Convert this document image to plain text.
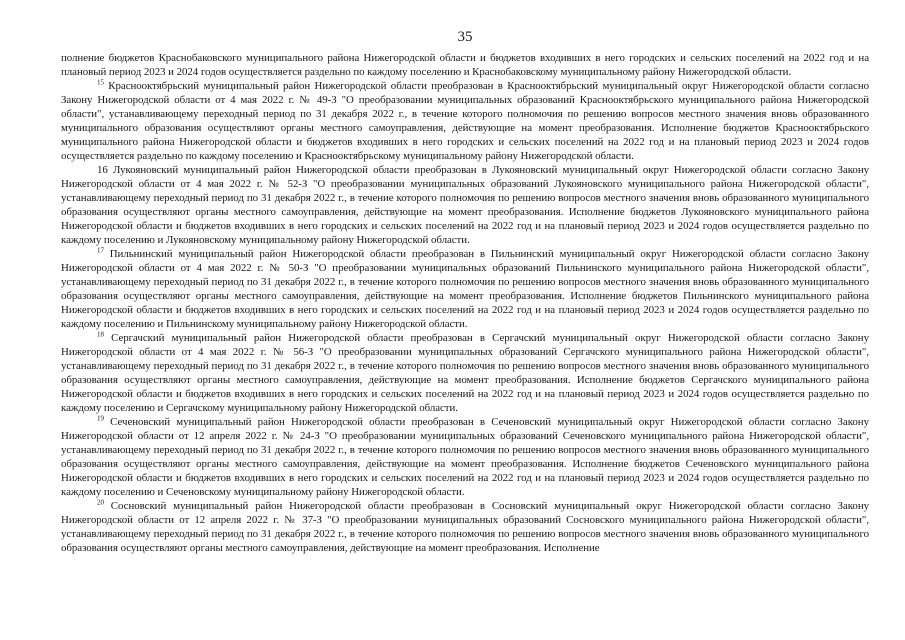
35

полнение бюджетов Краснобаковского муниципального района Нижегородской области и бюджетов входивших в него городских и сельских поселений на 2022 год и на плановый период 2023 и 2024 годов осуществляется раздельно по каждому поселению и Краснобаковскому муниципальному району Нижегородской области.

$^{15}$ Краснооктябрьский муниципальный район Нижегородской области преобразован в Краснооктябрьский муниципальный округ Нижегородской области согласно Закону Нижегородской области от 4 мая 2022 г. № 49-З "О преобразовании муниципальных образований Краснооктябрьского муниципального района Нижегородской области", устанавливающему переходный период по 31 декабря 2022 г., в течение которого полномочия по решению вопросов местного значения вновь образованного муниципального образования осуществляют органы местного самоуправления, действующие на момент преобразования. Исполнение бюджетов Краснооктябрьского муниципального района Нижегородской области и бюджетов входивших в него городских и сельских поселений на 2022 год и на плановый период 2023 и 2024 годов осуществляется раздельно по каждому поселению и Краснооктябрьскому муниципальному району Нижегородской области.

16 Лукояновский муниципальный район Нижегородской области преобразован в Лукояновский муниципальный округ Нижегородской области согласно Закону Нижегородской области от 4 мая 2022 г. № 52-З "О преобразовании муниципальных образований Лукояновского муниципального района Нижегородской области", устанавливающему переходный период по 31 декабря 2022 г., в течение которого полномочия по решению вопросов местного значения вновь образованного муниципального образования осуществляют органы местного самоуправления, действующие на момент преобразования. Исполнение бюджетов Лукояновского муниципального района Нижегородской области и бюджетов входивших в него городских и сельских поселений на 2022 год и на плановый период 2023 и 2024 годов осуществляется раздельно по каждому поселению и Лукояновскому муниципальному району Нижегородской области.

$^{17}$ Пильнинский муниципальный район Нижегородской области преобразован в Пильнинский муниципальный округ Нижегородской области согласно Закону Нижегородской области от 4 мая 2022 г. № 50-З "О преобразовании муниципальных образований Пильнинского муниципального района Нижегородской области", устанавливающему переходный период по 31 декабря 2022 г., в течение которого полномочия по решению вопросов местного значения вновь образованного муниципального образования осуществляют органы местного самоуправления, действующие на момент преобразования. Исполнение бюджетов Пильнинского муниципального района Нижегородской области и бюджетов входивших в него городских и сельских поселений на 2022 год и на плановый период 2023 и 2024 годов осуществляется раздельно по каждому поселению и Пильнинскому муниципальному району Нижегородской области.

$^{18}$ Сергачский муниципальный район Нижегородской области преобразован в Сергачский муниципальный округ Нижегородской области согласно Закону Нижегородской области от 4 мая 2022 г. № 56-З "О преобразовании муниципальных образований Сергачского муниципального района Нижегородской области", устанавливающему переходный период по 31 декабря 2022 г., в течение которого полномочия по решению вопросов местного значения вновь образованного муниципального образования осуществляют органы местного самоуправления, действующие на момент преобразования. Исполнение бюджетов Сергачского муниципального района Нижегородской области и бюджетов входивших в него городских и сельских поселений на 2022 год и на плановый период 2023 и 2024 годов осуществляется раздельно по каждому поселению и Сергачскому муниципальному району Нижегородской области.

$^{19}$ Сеченовский муниципальный район Нижегородской области преобразован в Сеченовский муниципальный округ Нижегородской области согласно Закону Нижегородской области от 12 апреля 2022 г. № 24-З "О преобразовании муниципальных образований Сеченовского муниципального района Нижегородской области", устанавливающему переходный период по 31 декабря 2022 г., в течение которого полномочия по решению вопросов местного значения вновь образованного муниципального образования осуществляют органы местного самоуправления, действующие на момент преобразования. Исполнение бюджетов Сеченовского муниципального района Нижегородской области и бюджетов входивших в него городских и сельских поселений на 2022 год и на плановый период 2023 и 2024 годов осуществляется раздельно по каждому поселению и Сеченовскому муниципальному району Нижегородской области.

$^{20}$ Сосновский муниципальный район Нижегородской области преобразован в Сосновский муниципальный округ Нижегородской области согласно Закону Нижегородской области от 12 апреля 2022 г. № 37-З "О преобразовании муниципальных образований Сосновского муниципального района Нижегородской области", устанавливающему переходный период по 31 декабря 2022 г., в течение которого полномочия по решению вопросов местного значения вновь образованного муниципального образования осуществляют органы местного самоуправления, действующие на момент преобразования. Исполнение
